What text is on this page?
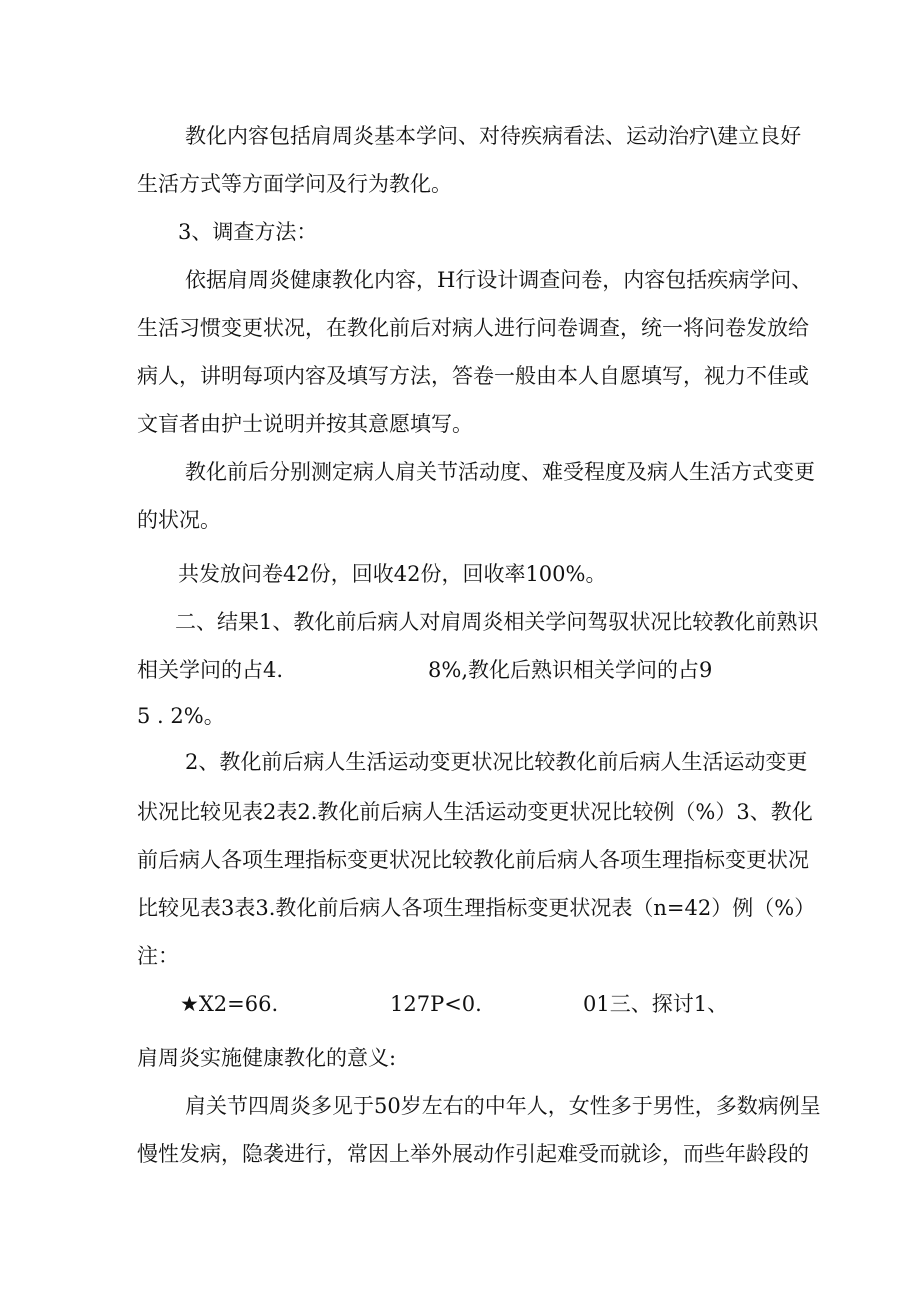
教化内容包括肩周炎基本学问、对待疾病看法、运动治疗\建立良好
生活方式等方面学问及行为教化。
3、调查方法：
依据肩周炎健康教化内容，H行设计调查问卷，内容包括疾病学问、
生活习惯变更状况，在教化前后对病人进行问卷调查，统一将问卷发放给
病人，讲明每项内容及填写方法，答卷一般由本人自愿填写，视力不佳或
文盲者由护士说明并按其意愿填写。
教化前后分别测定病人肩关节活动度、难受程度及病人生活方式变更
的状况。
共发放问卷42份，回收42份，回收率100%。
二、结果1、教化前后病人对肩周炎相关学问驾驭状况比较教化前熟识
相关学问的占4.	8%,教化后熟识相关学问的占9
5 . 2%。
2、教化前后病人生活运动变更状况比较教化前后病人生活运动变更
状况比较见表2表2.教化前后病人生活运动变更状况比较例（%）3、教化
前后病人各项生理指标变更状况比较教化前后病人各项生理指标变更状况
比较见表3表3.教化前后病人各项生理指标变更状况表（n=42）例（%）
注：
★X2=66.	127P<0.	01三、探讨1、
肩周炎实施健康教化的意义:
肩关节四周炎多见于50岁左右的中年人，女性多于男性，多数病例呈
慢性发病，隐袭进行，常因上举外展动作引起难受而就诊，而些年龄段的
